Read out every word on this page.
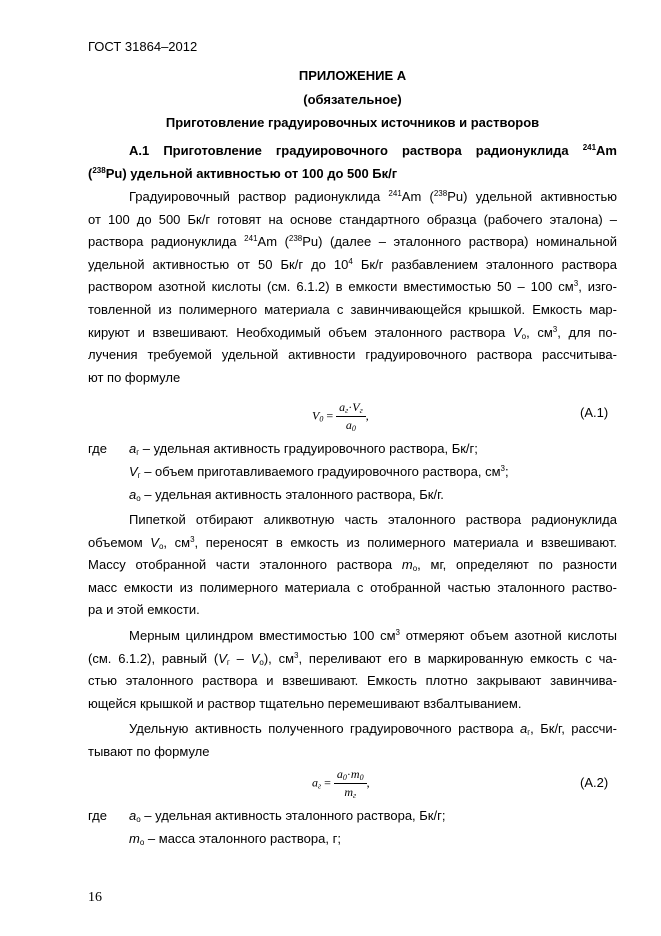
ГОСТ 31864–2012
ПРИЛОЖЕНИЕ А
(обязательное)
Приготовление градуировочных источников и растворов
А.1 Приготовление градуировочного раствора радионуклида $^{241}$Am
($^{238}$Pu) удельной активностью от 100 до 500 Бк/г
Градуировочный раствор радионуклида $^{241}$Am ($^{238}$Pu) удельной активностью
от 100 до 500 Бк/г готовят на основе стандартного образца (рабочего эталона) –
раствора радионуклида $^{241}$Am ($^{238}$Pu) (далее – эталонного раствора) номинальной
удельной активностью от 50 Бк/г до $10^4$ Бк/г разбавлением эталонного раствора
раствором азотной кислоты (см. 6.1.2) в емкости вместимостью 50 – 100 $см^3$, изго-
товленной из полимерного материала с завинчивающейся крышкой. Емкость мар-
кируют и взвешивают. Необходимый объем эталонного раствора $V_о$, $см^3$, для по-
лучения требуемой удельной активности градуировочного раствора рассчитыва-
ют по формуле
$V_0 = \frac{a_г\cdot V_г}{a_0}$ ,	(А.1)
где $a_г$ – удельная активность градуировочного раствора, Бк/г;
$V_г$ – объем приготавливаемого градуировочного раствора, $см^3$;
$a_о$ – удельная активность эталонного раствора, Бк/г.
Пипеткой отбирают аликвотную часть эталонного раствора радионуклида
объемом $V_о$, $см^3$, переносят в емкость из полимерного материала и взвешивают.
Массу отобранной части эталонного раствора $m_о$, мг, определяют по разности
масс емкости из полимерного материала с отобранной частью эталонного раство-
ра и этой емкости.
Мерным цилиндром вместимостью 100 $см^3$ отмеряют объем азотной кислоты
(см. 6.1.2), равный $(V_г - V_о)$, $см^3$, переливают его в маркированную емкость с ча-
стью эталонного раствора и взвешивают. Емкость плотно закрывают завинчива-
ющейся крышкой и раствор тщательно перемешивают взбалтыванием.
Удельную активность полученного градуировочного раствора $a_г$, Бк/г, рассчи-
тывают по формуле
$a_г = \frac{a_0\cdot m_0}{m_г}$ ,	(А.2)
где $a_о$ – удельная активность эталонного раствора, Бк/г;
$m_о$ – масса эталонного раствора, г;
16
